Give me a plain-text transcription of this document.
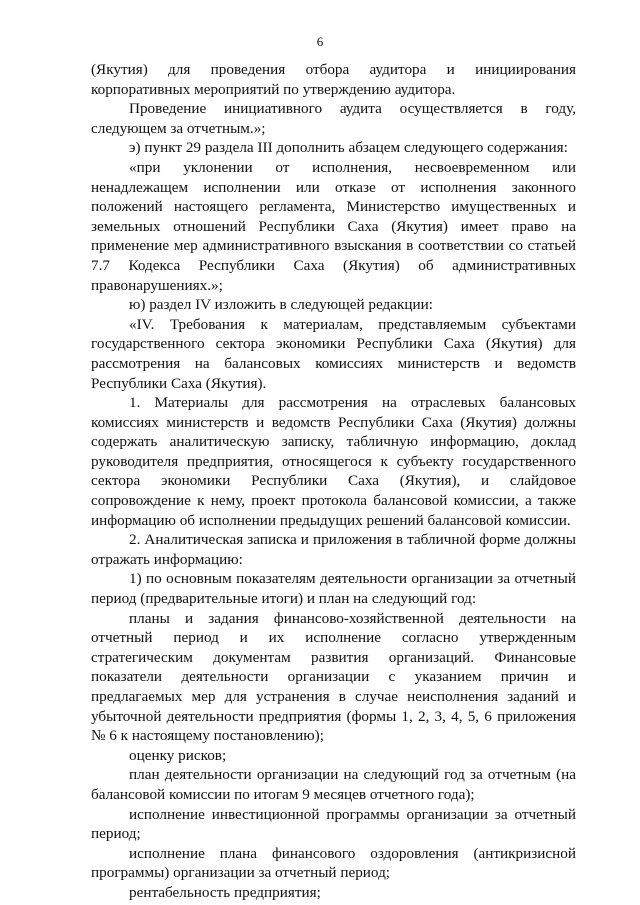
6

(Якутия) для проведения отбора аудитора и инициирования корпоративных мероприятий по утверждению аудитора.

Проведение инициативного аудита осуществляется в году, следующем за отчетным.»;

э) пункт 29 раздела III дополнить абзацем следующего содержания:

«при уклонении от исполнения, несвоевременном или ненадлежащем исполнении или отказе от исполнения законного положений настоящего регламента, Министерство имущественных и земельных отношений Республики Саха (Якутия) имеет право на применение мер административного взыскания в соответствии со статьей 7.7 Кодекса Республики Саха (Якутия) об административных правонарушениях.»;

ю) раздел IV изложить в следующей редакции:

«IV. Требования к материалам, представляемым субъектами государственного сектора экономики Республики Саха (Якутия) для рассмотрения на балансовых комиссиях министерств и ведомств Республики Саха (Якутия).

1. Материалы для рассмотрения на отраслевых балансовых комиссиях министерств и ведомств Республики Саха (Якутия) должны содержать аналитическую записку, табличную информацию, доклад руководителя предприятия, относящегося к субъекту государственного сектора экономики Республики Саха (Якутия), и слайдовое сопровождение к нему, проект протокола балансовой комиссии, а также информацию об исполнении предыдущих решений балансовой комиссии.

2. Аналитическая записка и приложения в табличной форме должны отражать информацию:

1) по основным показателям деятельности организации за отчетный период (предварительные итоги) и план на следующий год:

планы и задания финансово-хозяйственной деятельности на отчетный период и их исполнение согласно утвержденным стратегическим документам развития организаций. Финансовые показатели деятельности организации с указанием причин и предлагаемых мер для устранения в случае неисполнения заданий и убыточной деятельности предприятия (формы 1, 2, 3, 4, 5, 6 приложения № 6 к настоящему постановлению);

оценку рисков;

план деятельности организации на следующий год за отчетным (на балансовой комиссии по итогам 9 месяцев отчетного года);

исполнение инвестиционной программы организации за отчетный период;

исполнение плана финансового оздоровления (антикризисной программы) организации за отчетный период;

рентабельность предприятия;
